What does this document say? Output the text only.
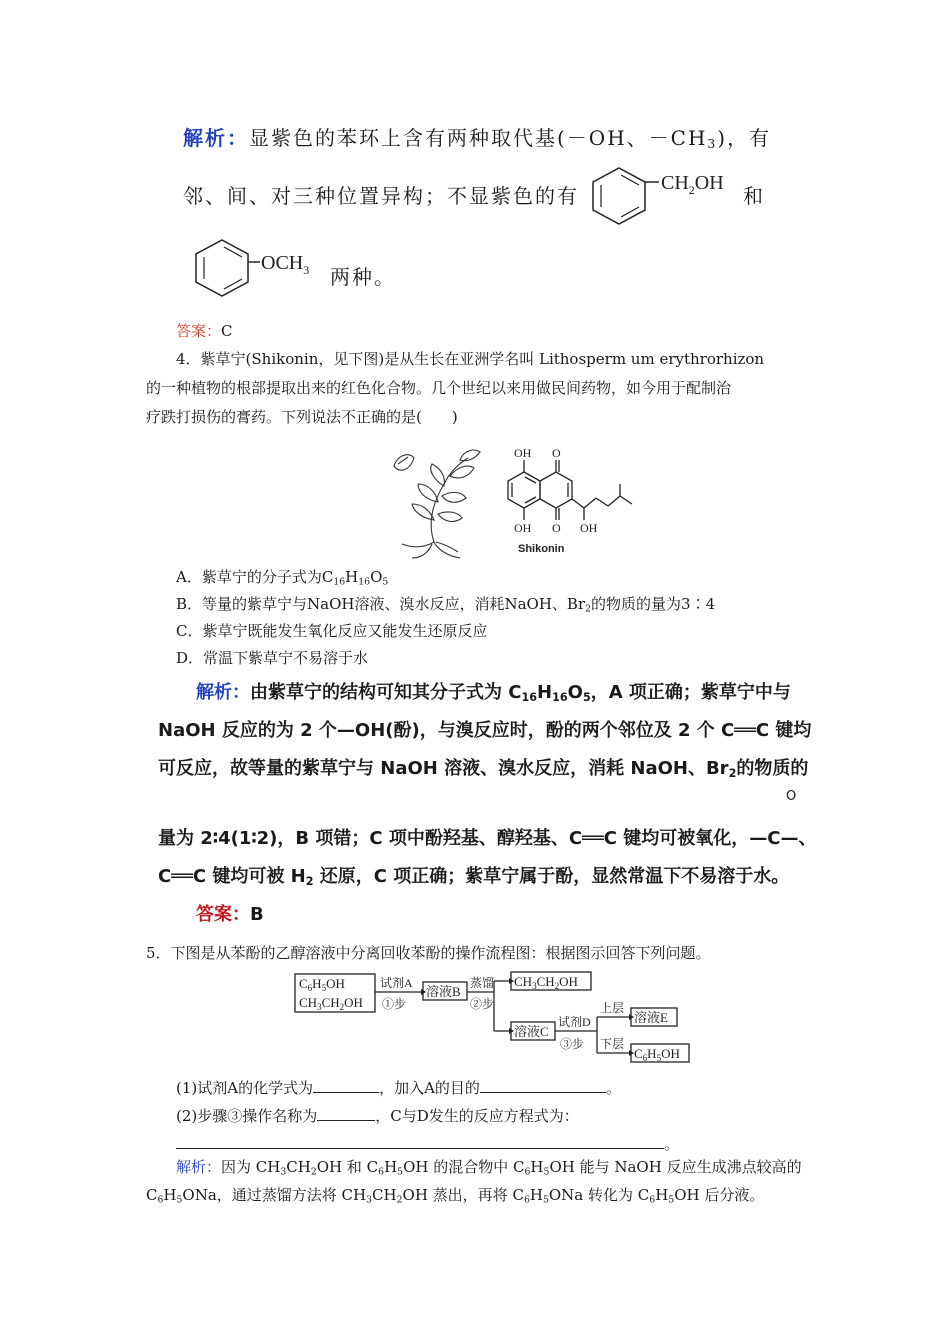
解析：显紫色的苯环上含有两种取代基(－OH、$-CH_3$)，有
邻、间、对三种位置异构；不显紫色的有
$CH_2OH$
和
$OCH_3$ 两种。
答案：C
4．紫草宁(Shikonin，见下图)是从生长在亚洲学名叫 Lithosperm um erythrorhizon
的一种植物的根部提取出来的红色化合物。几个世纪以来用做民间药物，如今用于配制治
疗跌打损伤的膏药。下列说法不正确的是(　　)
OH O
OH O OH
Shikonin
A．紫草宁的分子式为$C_{16}H_{16}O_5$
B．等量的紫草宁与NaOH溶液、溴水反应，消耗NaOH、$Br_2$的物质的量为3∶4
C．紫草宁既能发生氧化反应又能发生还原反应
D．常温下紫草宁不易溶于水
解析：由紫草宁的结构可知其分子式为 $C_{16}H_{16}O_5$，A 项正确；紫草宁中与
NaOH 反应的为 2 个—OH(酚)，与溴反应时，酚的两个邻位及 2 个 C══C 键均
可反应，故等量的紫草宁与 NaOH 溶液、溴水反应，消耗 NaOH、$Br_2$的物质的
O
量为 2∶4(1∶2)，B 项错；C 项中酚羟基、醇羟基、C══C 键均可被氧化，—C—、
C══C 键均可被 $H_2$ 还原，C 项正确；紫草宁属于酚，显然常温下不易溶于水。
答案：B
5．下图是从苯酚的乙醇溶液中分离回收苯酚的操作流程图：根据图示回答下列问题。
$C_6H_5OH$
$CH_3CH_2OH$
试剂A
①步
溶液B
蒸馏
②步
$CH_3CH_2OH$
溶液C
试剂D
③步
上层
溶液E
下层
$C_6H_5OH$
(1)试剂A的化学式为	，加入A的目的	。
(2)步骤③操作名称为	，C与D发生的反应方程式为：
。
解析：因为 $CH_3CH_2OH$ 和 $C_6H_5OH$ 的混合物中 $C_6H_5OH$ 能与 NaOH 反应生成沸点较高的
$C_6H_5ONa$，通过蒸馏方法将 $CH_3CH_2OH$ 蒸出，再将 $C_6H_5ONa$ 转化为 $C_6H_5OH$ 后分液。
